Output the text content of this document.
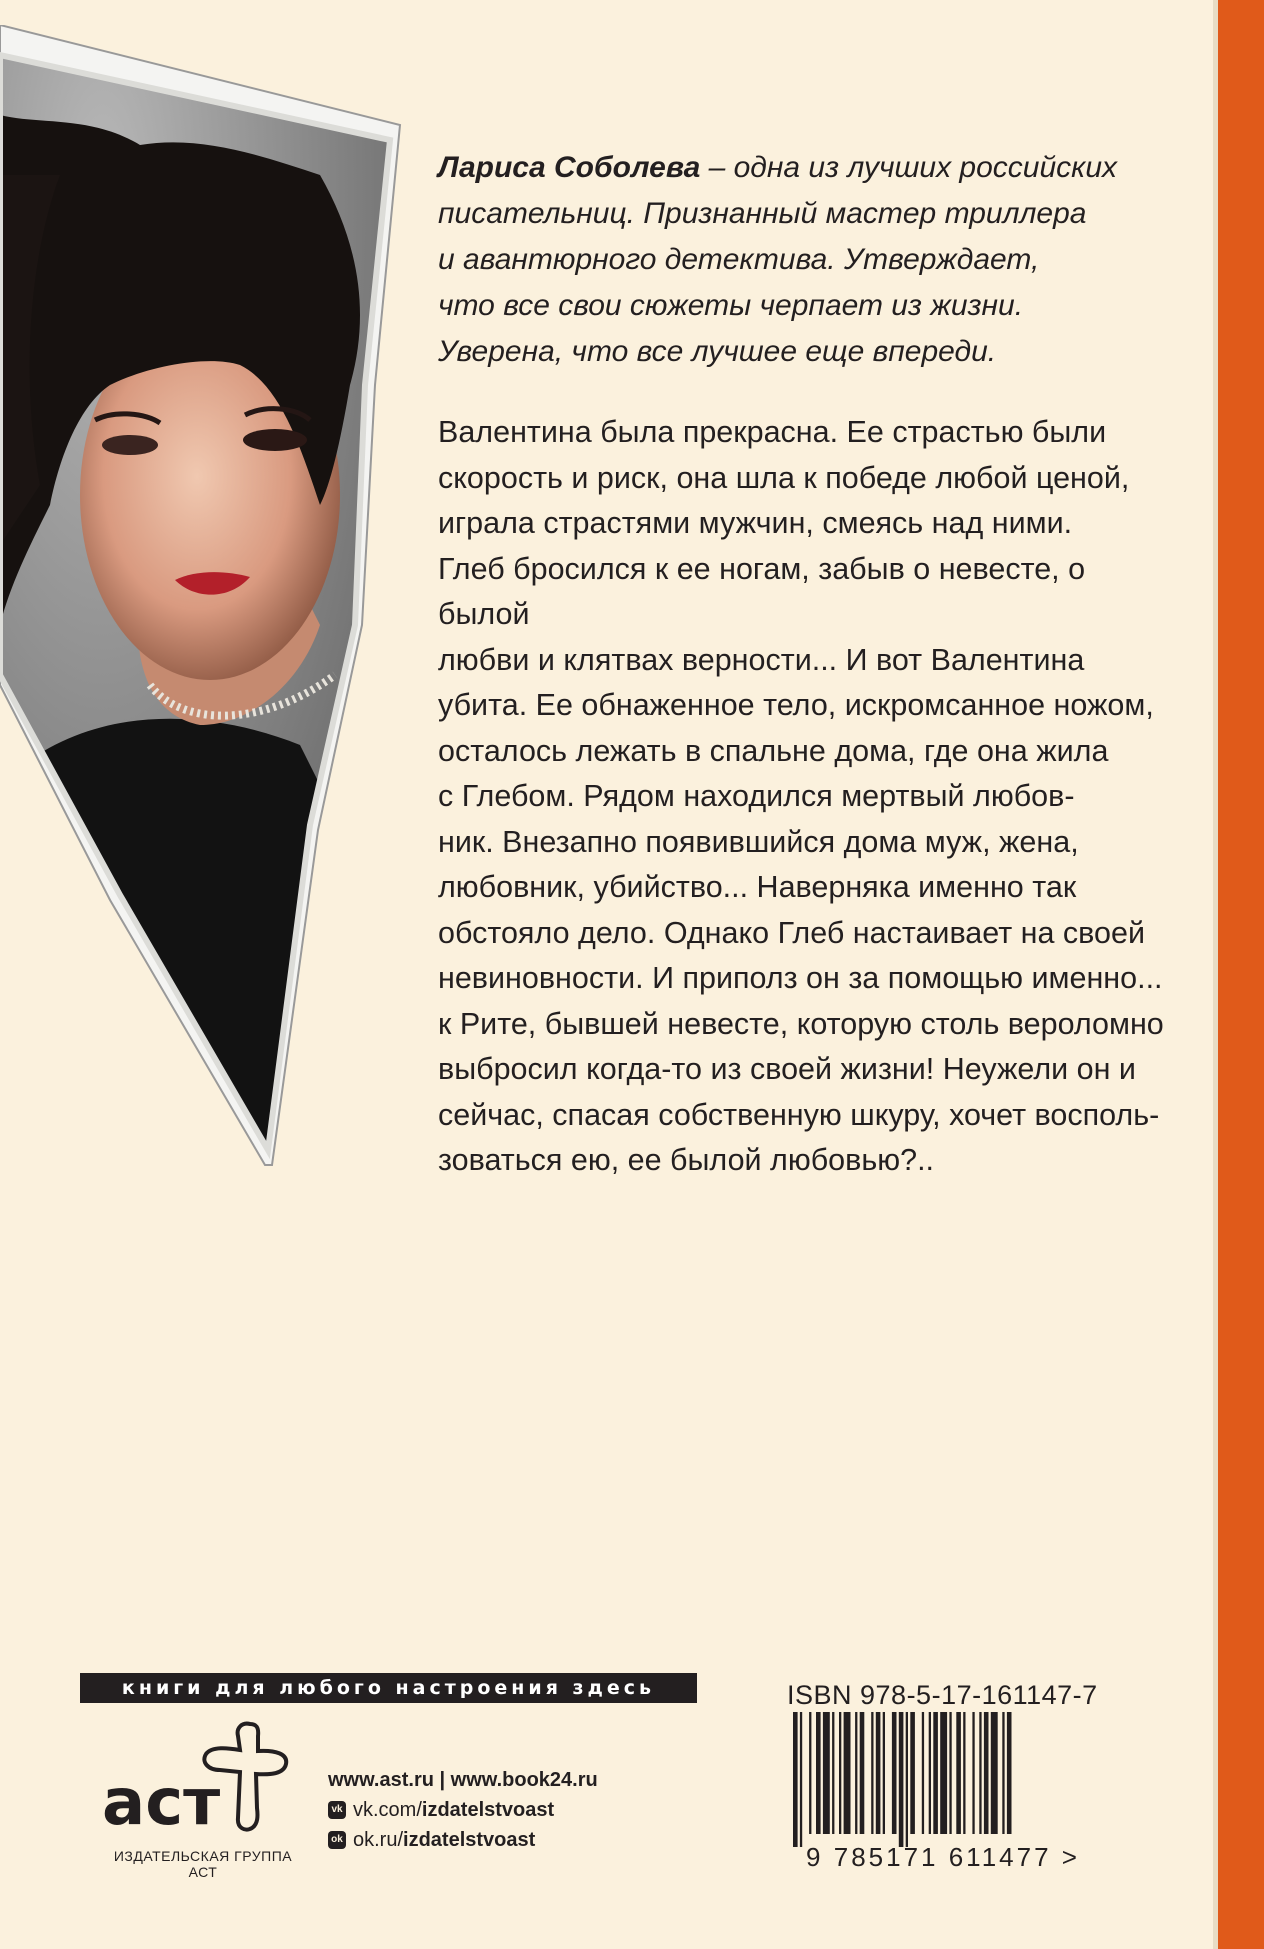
Лариса Соболева – одна из лучших российских
писательниц. Признанный мастер триллера
и авантюрного детектива. Утверждает,
что все свои сюжеты черпает из жизни.
Уверена, что все лучшее еще впереди.

Валентина была прекрасна. Ее страстью были
скорость и риск, она шла к победе любой ценой,
играла страстями мужчин, смеясь над ними.
Глеб бросился к ее ногам, забыв о невесте, о былой
любви и клятвах верности... И вот Валентина
убита. Ее обнаженное тело, искромсанное ножом,
осталось лежать в спальне дома, где она жила
с Глебом. Рядом находился мертвый любов-
ник. Внезапно появившийся дома муж, жена,
любовник, убийство... Наверняка именно так
обстояло дело. Однако Глеб настаивает на своей
невиновности. И приполз он за помощью именно...
к Рите, бывшей невесте, которую столь вероломно
выбросил когда-то из своей жизни! Неужели он и
сейчас, спасая собственную шкуру, хочет восполь-
зоваться ею, ее былой любовью?..

книги для любого настроения здесь
аст
ИЗДАТЕЛЬСКАЯ ГРУППА АСТ
www.ast.ru | www.book24.ru
vk vk.com/ izdatelstvoast
ok ok.ru/ izdatelstvoast
ISBN 978-5-17-161147-7
9 785171 611477 >
